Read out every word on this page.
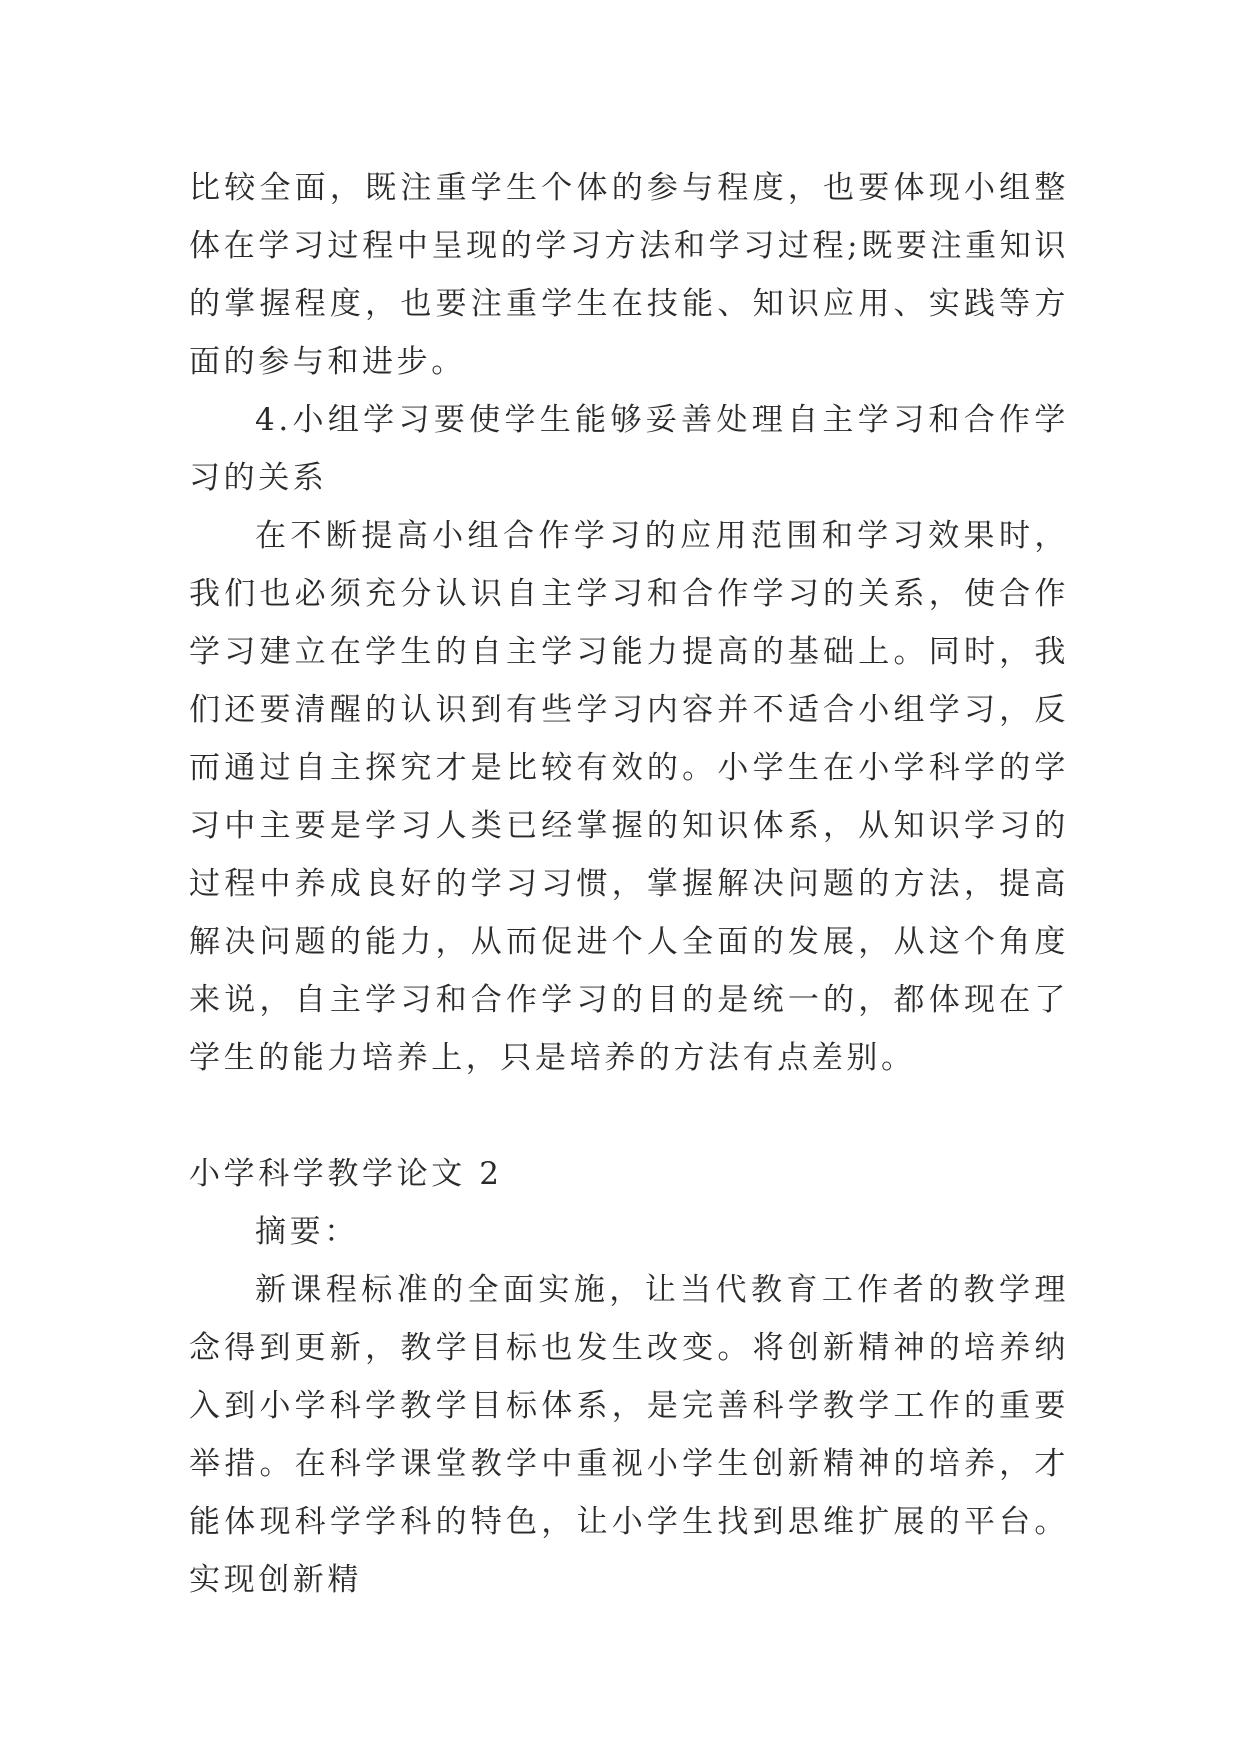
比较全面，既注重学生个体的参与程度，也要体现小组整体在学习过程中呈现的学习方法和学习过程;既要注重知识的掌握程度，也要注重学生在技能、知识应用、实践等方面的参与和进步。

4.小组学习要使学生能够妥善处理自主学习和合作学习的关系

在不断提高小组合作学习的应用范围和学习效果时，我们也必须充分认识自主学习和合作学习的关系，使合作学习建立在学生的自主学习能力提高的基础上。同时，我们还要清醒的认识到有些学习内容并不适合小组学习，反而通过自主探究才是比较有效的。小学生在小学科学的学习中主要是学习人类已经掌握的知识体系，从知识学习的过程中养成良好的学习习惯，掌握解决问题的方法，提高解决问题的能力，从而促进个人全面的发展，从这个角度来说，自主学习和合作学习的目的是统一的，都体现在了学生的能力培养上，只是培养的方法有点差别。

小学科学教学论文 2

摘要：

新课程标准的全面实施，让当代教育工作者的教学理念得到更新，教学目标也发生改变。将创新精神的培养纳入到小学科学教学目标体系，是完善科学教学工作的重要举措。在科学课堂教学中重视小学生创新精神的培养，才能体现科学学科的特色，让小学生找到思维扩展的平台。实现创新精
